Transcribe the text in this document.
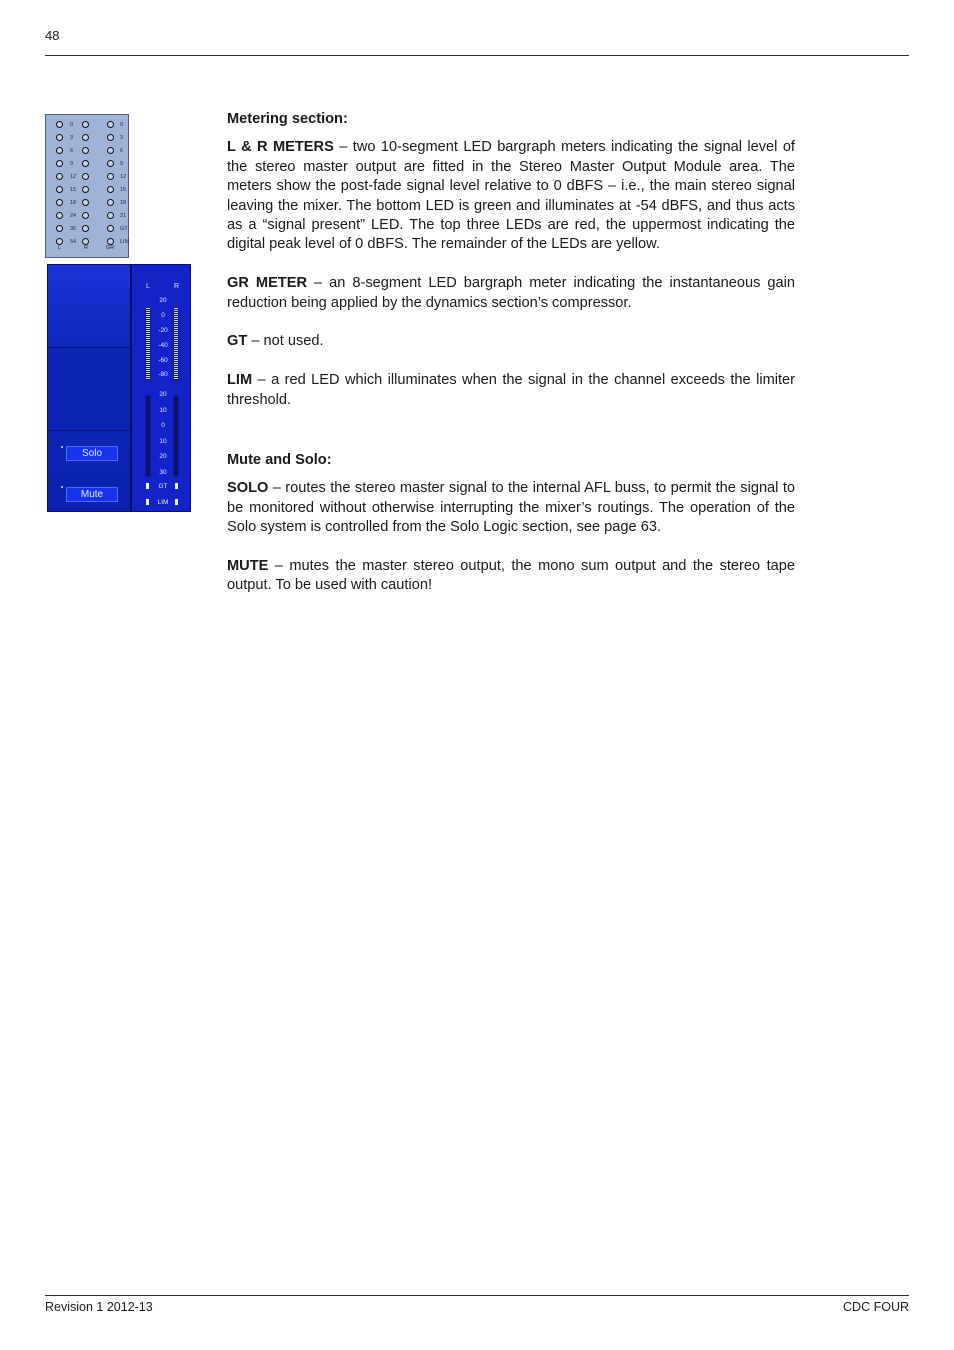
48
0	0
3	3
6	6
9	9
12	12
15	15
18	18
24	21
36	GT
54	LIM
L	R	GR
Solo
Mute
L	R
20
0
-20
-40
-60
-80
20
10
0
10
20
30
GT
LIM
Metering section:

L & R METERS – two 10-segment LED bargraph meters indicating the signal level of the stereo master output are fitted in the Stereo Master Output Module area. The meters show the post-fade signal level relative to 0 dBFS – i.e., the main stereo signal leaving the mixer. The bottom LED is green and illuminates at -54 dBFS, and thus acts as a “signal present” LED. The top three LEDs are red, the uppermost indicating the digital peak level of 0 dBFS. The remainder of the LEDs are yellow.

GR METER – an 8-segment LED bargraph meter indicating the instantaneous gain reduction being applied by the dynamics section’s compressor.

GT – not used.

LIM – a red LED which illuminates when the signal in the channel exceeds the limiter threshold.

Mute and Solo:

SOLO – routes the stereo master signal to the internal AFL buss, to permit the signal to be monitored without otherwise interrupting the mixer’s routings. The operation of the Solo system is controlled from the Solo Logic section, see page 63.

MUTE – mutes the master stereo output, the mono sum output and the stereo tape output. To be used with caution!

Revision 1 2012-13	CDC FOUR
